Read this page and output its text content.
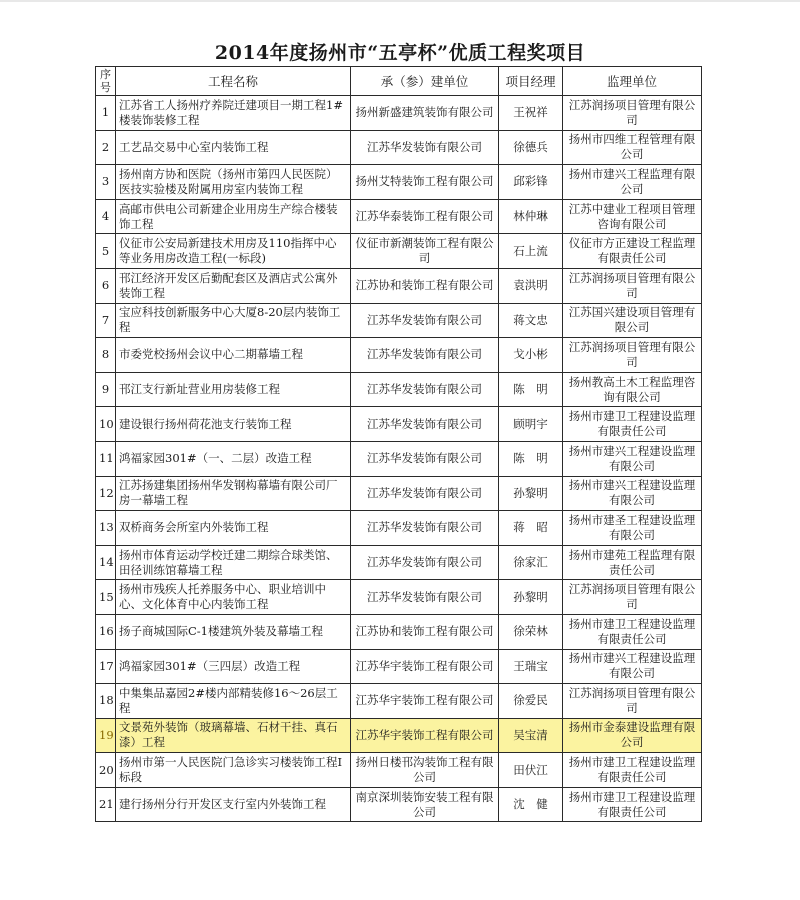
2014年度扬州市“五亭杯”优质工程奖项目
序号	工程名称	承（参）建单位	项目经理	监理单位
1	江苏省工人扬州疗养院迁建项目一期工程1#楼装饰装修工程	扬州新盛建筑装饰有限公司	王祝祥	江苏润扬项目管理有限公司
2	工艺品交易中心室内装饰工程	江苏华发装饰有限公司	徐德兵	扬州市四维工程管理有限公司
3	扬州南方协和医院（扬州市第四人民医院）医技实验楼及附属用房室内装饰工程	扬州艾特装饰工程有限公司	邱彩锋	扬州市建兴工程监理有限公司
4	高邮市供电公司新建企业用房生产综合楼装饰工程	江苏华泰装饰工程有限公司	林仲琳	江苏中建业工程项目管理咨询有限公司
5	仪征市公安局新建技术用房及110指挥中心等业务用房改造工程(一标段)	仪征市新潮装饰工程有限公司	石上流	仪征市方正建设工程监理有限责任公司
6	邗江经济开发区后勤配套区及酒店式公寓外装饰工程	江苏协和装饰工程有限公司	袁洪明	江苏润扬项目管理有限公司
7	宝应科技创新服务中心大厦8-20层内装饰工程	江苏华发装饰有限公司	蒋文忠	江苏国兴建设项目管理有限公司
8	市委党校扬州会议中心二期幕墙工程	江苏华发装饰有限公司	戈小彬	江苏润扬项目管理有限公司
9	邗江支行新址营业用房装修工程	江苏华发装饰有限公司	陈　明	扬州教高土木工程监理咨询有限公司
10	建设银行扬州荷花池支行装饰工程	江苏华发装饰有限公司	顾明宇	扬州市建卫工程建设监理有限责任公司
11	鸿福家园301#（一、二层）改造工程	江苏华发装饰有限公司	陈　明	扬州市建兴工程建设监理有限公司
12	江苏扬建集团扬州华发钢构幕墙有限公司厂房一幕墙工程	江苏华发装饰有限公司	孙黎明	扬州市建兴工程建设监理有限公司
13	双桥商务会所室内外装饰工程	江苏华发装饰有限公司	蒋　昭	扬州市建圣工程建设监理有限公司
14	扬州市体育运动学校迁建二期综合球类馆、田径训练馆幕墙工程	江苏华发装饰有限公司	徐家汇	扬州市建苑工程监理有限责任公司
15	扬州市残疾人托养服务中心、职业培训中心、文化体育中心内装饰工程	江苏华发装饰有限公司	孙黎明	江苏润扬项目管理有限公司
16	扬子商城国际C-1楼建筑外装及幕墙工程	江苏协和装饰工程有限公司	徐荣林	扬州市建卫工程建设监理有限责任公司
17	鸿福家园301#（三四层）改造工程	江苏华宇装饰工程有限公司	王瑞宝	扬州市建兴工程建设监理有限公司
18	中集集品嘉园2#楼内部精装修16～26层工程	江苏华宇装饰工程有限公司	徐爱民	江苏润扬项目管理有限公司
19	文景苑外装饰（玻璃幕墙、石材干挂、真石漆）工程	江苏华宇装饰工程有限公司	吴宝清	扬州市金泰建设监理有限公司
20	扬州市第一人民医院门急诊实习楼装饰工程I标段	扬州日楼邗沟装饰工程有限公司	田伏江	扬州市建卫工程建设监理有限责任公司
21	建行扬州分行开发区支行室内外装饰工程	南京深圳装饰安装工程有限公司	沈　健	扬州市建卫工程建设监理有限责任公司
